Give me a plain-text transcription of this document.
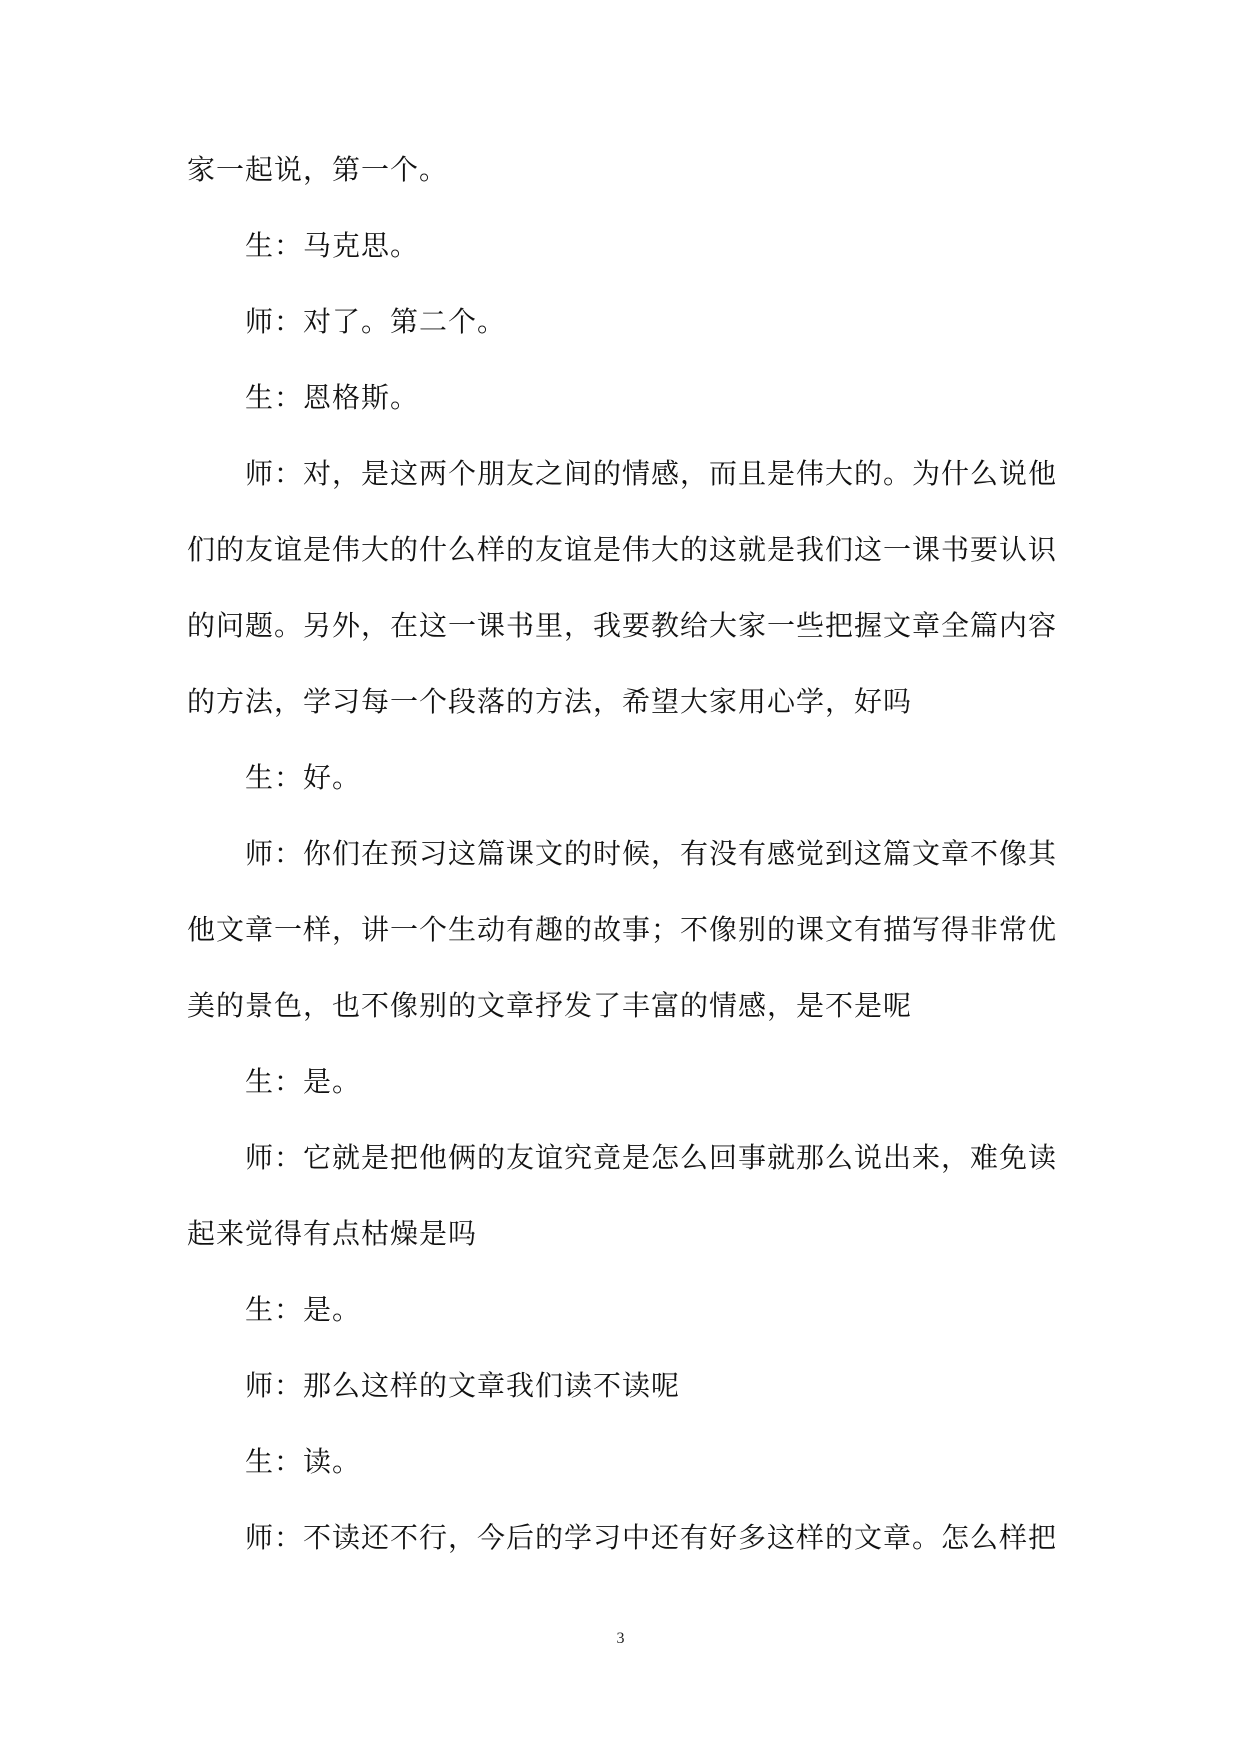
家一起说，第一个。

生：马克思。

师：对了。第二个。

生：恩格斯。

师：对，是这两个朋友之间的情感，而且是伟大的。为什么说他们的友谊是伟大的什么样的友谊是伟大的这就是我们这一课书要认识的问题。另外，在这一课书里，我要教给大家一些把握文章全篇内容的方法，学习每一个段落的方法，希望大家用心学，好吗

生：好。

师：你们在预习这篇课文的时候，有没有感觉到这篇文章不像其他文章一样，讲一个生动有趣的故事；不像别的课文有描写得非常优美的景色，也不像别的文章抒发了丰富的情感，是不是呢

生：是。

师：它就是把他俩的友谊究竟是怎么回事就那么说出来，难免读起来觉得有点枯燥是吗

生：是。

师：那么这样的文章我们读不读呢

生：读。

师：不读还不行，今后的学习中还有好多这样的文章。怎么样把

3
